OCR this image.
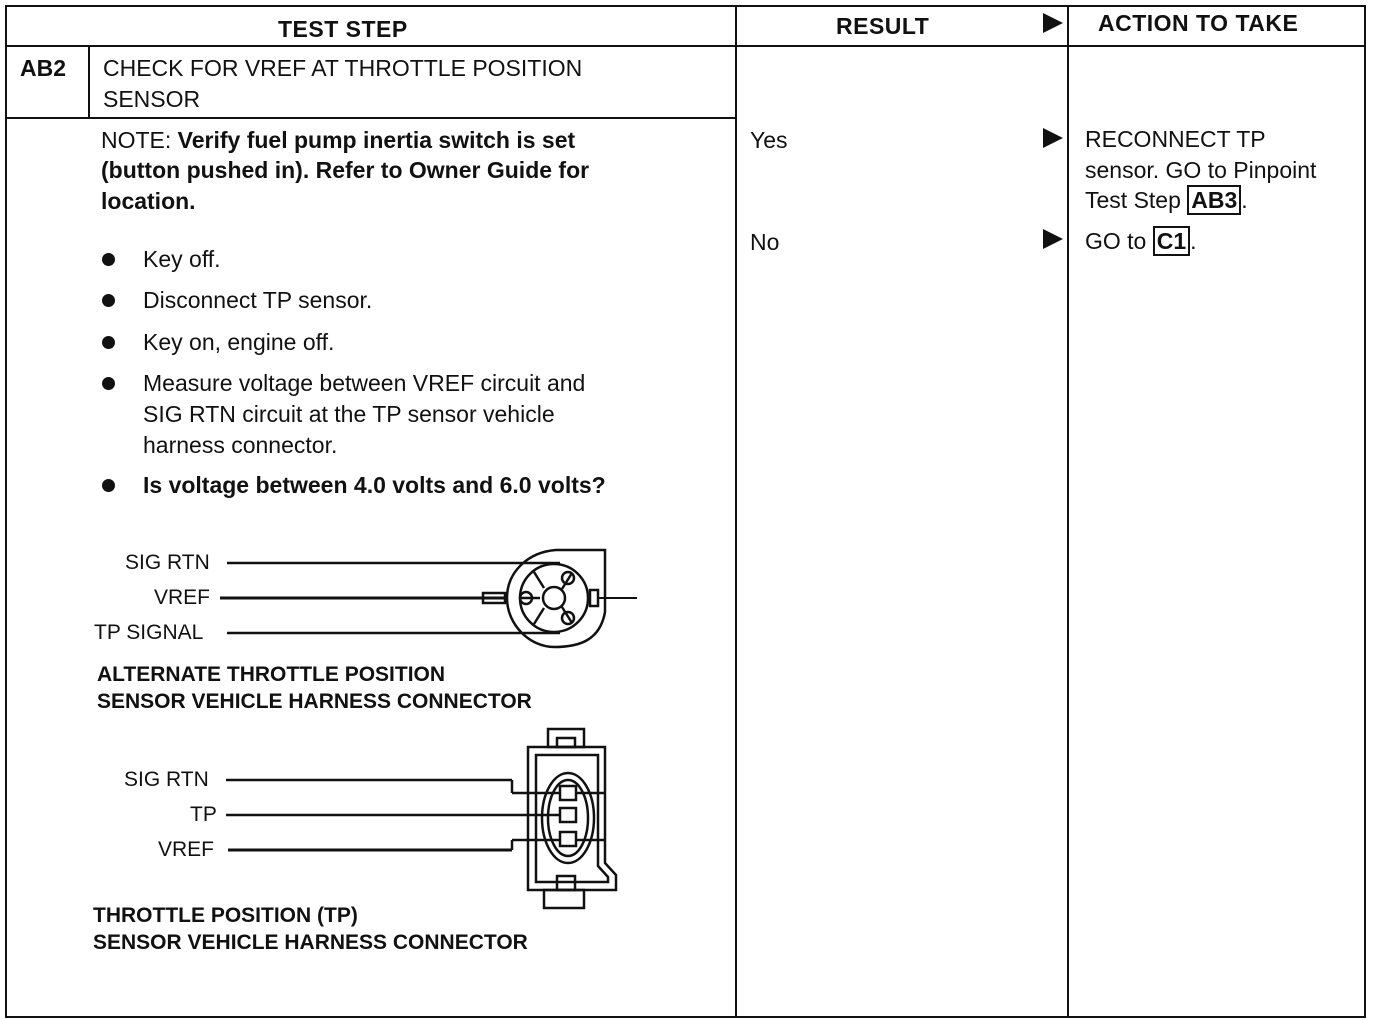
TEST STEP	RESULT	ACTION TO TAKE
AB2 CHECK FOR VREF AT THROTTLE POSITION
SENSOR
NOTE: Verify fuel pump inertia switch is set
(button pushed in). Refer to Owner Guide for
location.
Key off.
Disconnect TP sensor.
Key on, engine off.
Measure voltage between VREF circuit and
SIG RTN circuit at the TP sensor vehicle
harness connector.
Is voltage between 4.0 volts and 6.0 volts?
SIG RTN
VREF
TP SIGNAL
ALTERNATE THROTTLE POSITION
SENSOR VEHICLE HARNESS CONNECTOR
SIG RTN
TP
VREF
THROTTLE POSITION (TP)
SENSOR VEHICLE HARNESS CONNECTOR
Yes
No
RECONNECT TP
sensor. GO to Pinpoint
Test Step AB3 .
GO to C1 .
